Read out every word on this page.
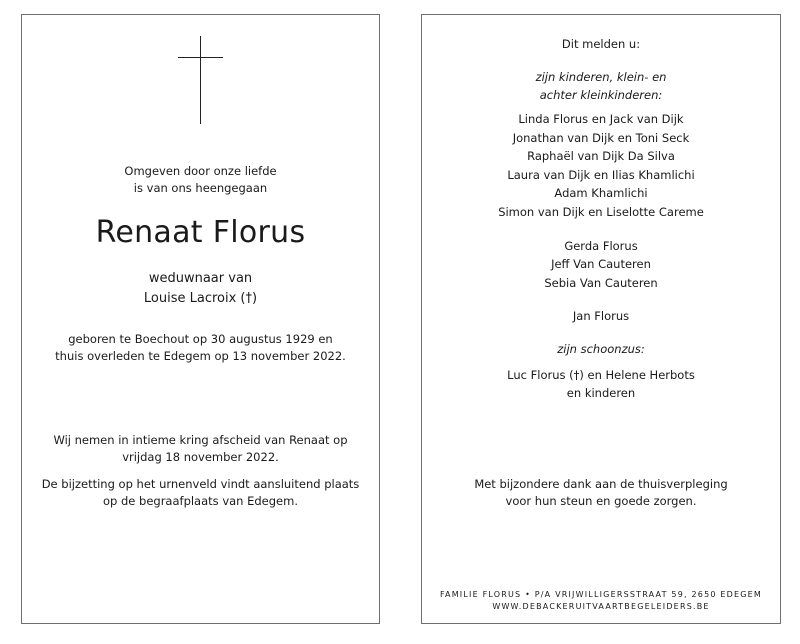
Omgeven door onze liefde
is van ons heengegaan
Renaat Florus
weduwnaar van
Louise Lacroix (†)
geboren te Boechout op 30 augustus 1929 en
thuis overleden te Edegem op 13 november 2022.
Wij nemen in intieme kring afscheid van Renaat op
vrijdag 18 november 2022.
De bijzetting op het urnenveld vindt aansluitend plaats
op de begraafplaats van Edegem.
Dit melden u:
zijn kinderen, klein- en
achter kleinkinderen:
Linda Florus en Jack van Dijk
Jonathan van Dijk en Toni Seck
Raphaël van Dijk Da Silva
Laura van Dijk en Ilias Khamlichi
Adam Khamlichi
Simon van Dijk en Liselotte Careme
Gerda Florus
Jeff Van Cauteren
Sebia Van Cauteren
Jan Florus
zijn schoonzus:
Luc Florus (†) en Helene Herbots
en kinderen
Met bijzondere dank aan de thuisverpleging
voor hun steun en goede zorgen.
FAMILIE FLORUS • P/A VRIJWILLIGERSSTRAAT 59, 2650 EDEGEM
WWW.DEBACKERUITVAARTBEGELEIDERS.BE
